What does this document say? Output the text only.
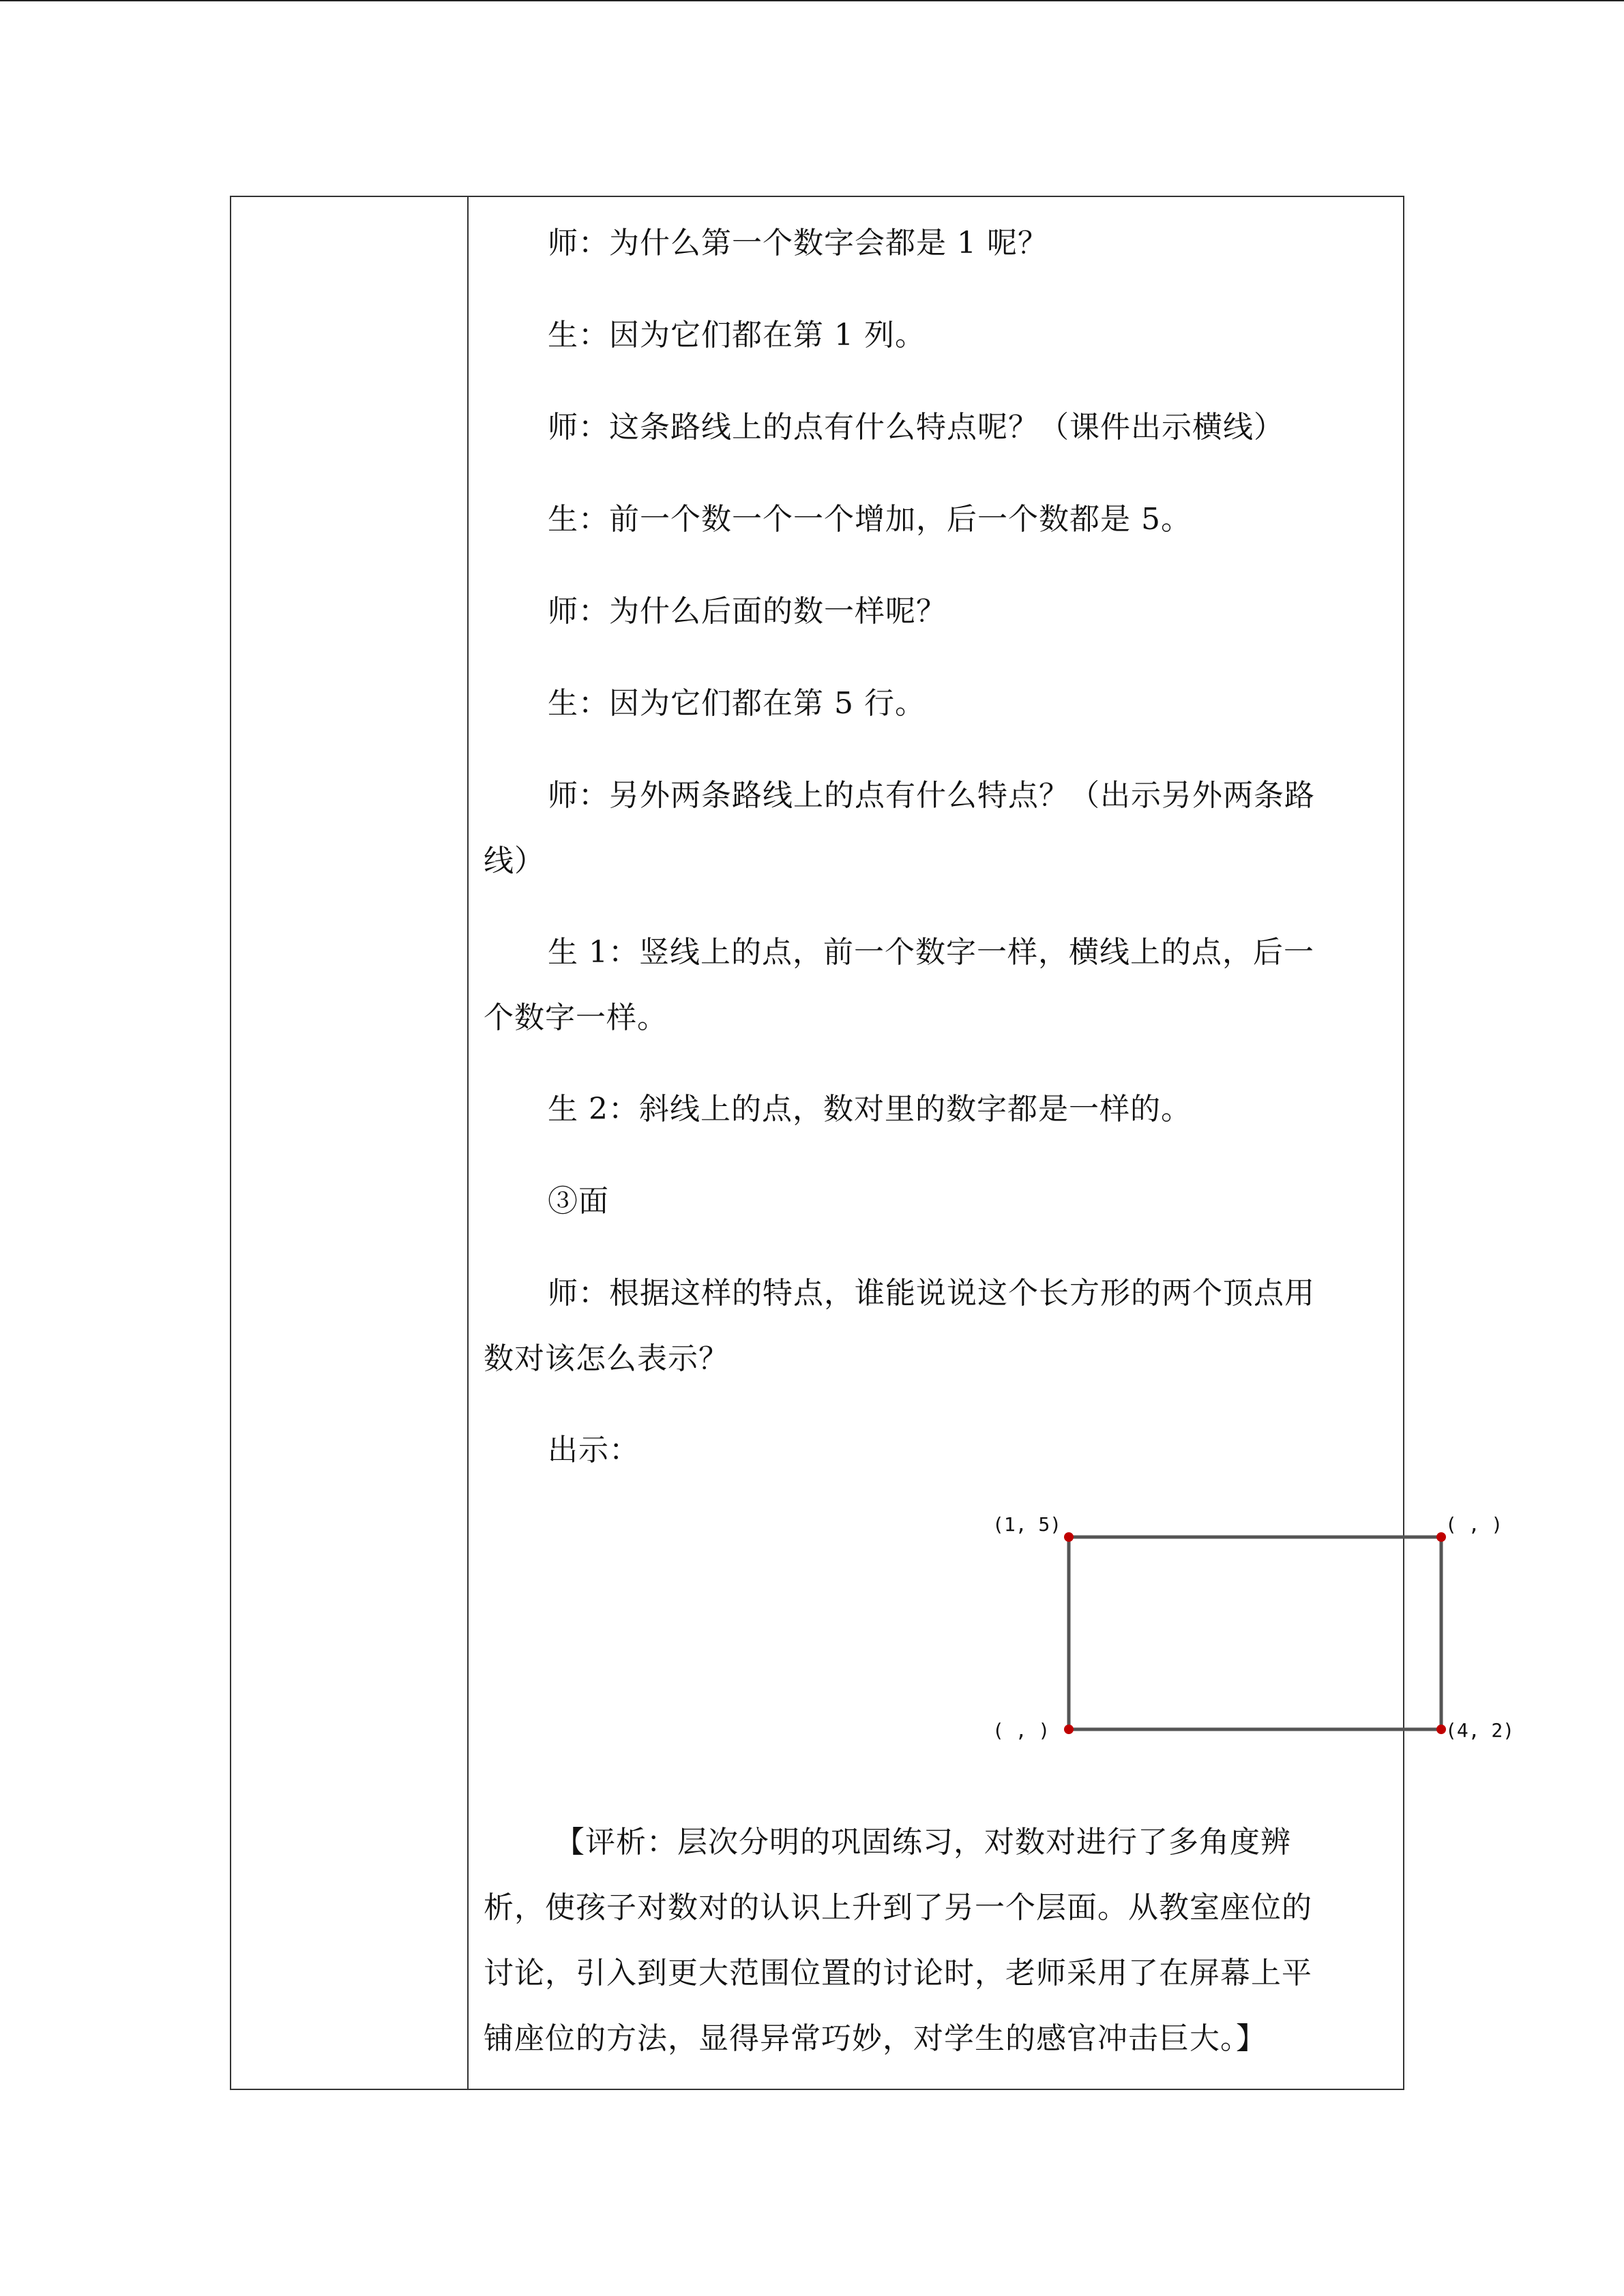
师：为什么第一个数字会都是 1 呢？
生：因为它们都在第 1 列。
师：这条路线上的点有什么特点呢？（课件出示横线）
生：前一个数一个一个增加，后一个数都是 5。
师：为什么后面的数一样呢？
生：因为它们都在第 5 行。
师：另外两条路线上的点有什么特点？（出示另外两条路
线）
生 1：竖线上的点，前一个数字一样，横线上的点，后一
个数字一样。
生 2：斜线上的点，数对里的数字都是一样的。
③面
师：根据这样的特点，谁能说说这个长方形的两个顶点用
数对该怎么表示？
出示：
(1, 5)	( , )
( , )	(4, 2)
【评析：层次分明的巩固练习，对数对进行了多角度辨
析，使孩子对数对的认识上升到了另一个层面。从教室座位的
讨论，引入到更大范围位置的讨论时，老师采用了在屏幕上平
铺座位的方法，显得异常巧妙，对学生的感官冲击巨大。】
